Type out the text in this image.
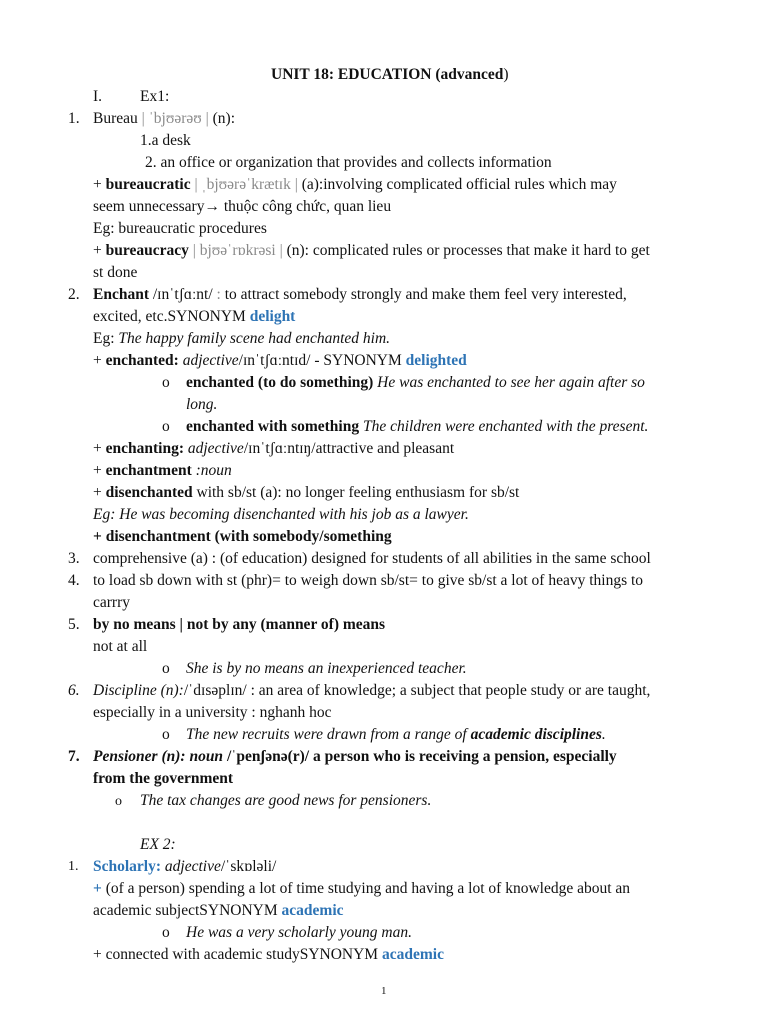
UNIT 18: EDUCATION (advanced)
I. Ex1:
1. Bureau | ˈbjʊərəʊ | (n):
1.a desk
2. an office or organization that provides and collects information
+ bureaucratic | ˌbjʊərəˈkrætɪk | (a):involving complicated official rules which may
seem unnecessary→ thuộc công chức, quan lieu
Eg: bureaucratic procedures
+ bureaucracy | bjʊəˈrɒkrəsi | (n): complicated rules or processes that make it hard to get
st done
2. Enchant /ɪnˈtʃɑːnt/ : to attract somebody strongly and make them feel very interested,
excited, etc.SYNONYM delight
Eg: The happy family scene had enchanted him.
+ enchanted: adjective/ɪnˈtʃɑːntɪd/ - SYNONYM delighted
o enchanted (to do something) He was enchanted to see her again after so
long.
o enchanted with something The children were enchanted with the present.
+ enchanting: adjective/ɪnˈtʃɑːntɪŋ/attractive and pleasant
+ enchantment :noun
+ disenchanted with sb/st (a): no longer feeling enthusiasm for sb/st
Eg: He was becoming disenchanted with his job as a lawyer.
+ disenchantment (with somebody/something
3. comprehensive (a) : (of education) designed for students of all abilities in the same school
4. to load sb down with st (phr)= to weigh down sb/st= to give sb/st a lot of heavy things to
carrry
5. by no means | not by any (manner of) means
not at all
o She is by no means an inexperienced teacher.
6. Discipline (n):/ˈdɪsəplɪn/ : an area of knowledge; a subject that people study or are taught,
especially in a university : nghanh hoc
o The new recruits were drawn from a range of academic disciplines.
7. Pensioner (n): noun /ˈpenʃənə(r)/ a person who is receiving a pension, especially
from the government
o	The tax changes are good news for pensioners.
EX 2:
1. Scholarly: adjective/ˈskɒləli/
+ (of a person) spending a lot of time studying and having a lot of knowledge about an
academic subjectSYNONYM academic
o He was a very scholarly young man.
+ connected with academic studySYNONYM academic
1
